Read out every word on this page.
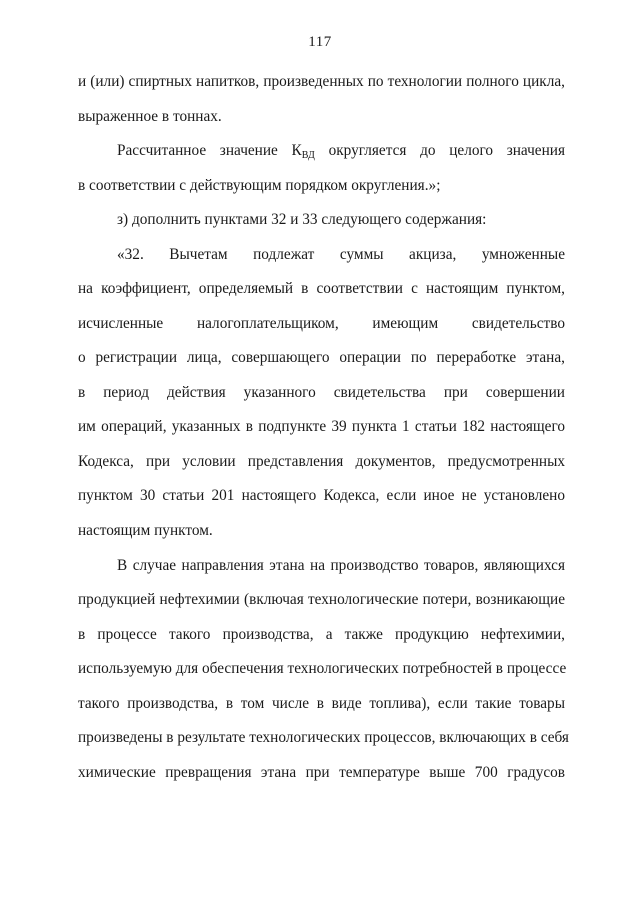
117
и (или) спиртных напитков, произведенных по технологии полного цикла,
выраженное в тоннах.
Рассчитанное значение $К_{ВД}$ округляется до целого значения
в соответствии с действующим порядком округления.»;
з) дополнить пунктами 32 и 33 следующего содержания:
«32. Вычетам подлежат суммы акциза, умноженные
на коэффициент, определяемый в соответствии с настоящим пунктом,
исчисленные налогоплательщиком, имеющим свидетельство
о регистрации лица, совершающего операции по переработке этана,
в период действия указанного свидетельства при совершении
им операций, указанных в подпункте 39 пункта 1 статьи 182 настоящего
Кодекса, при условии представления документов, предусмотренных
пунктом 30 статьи 201 настоящего Кодекса, если иное не установлено
настоящим пунктом.
В случае направления этана на производство товаров, являющихся
продукцией нефтехимии (включая технологические потери, возникающие
в процессе такого производства, а также продукцию нефтехимии,
используемую для обеспечения технологических потребностей в процессе
такого производства, в том числе в виде топлива), если такие товары
произведены в результате технологических процессов, включающих в себя
химические превращения этана при температуре выше 700 градусов
